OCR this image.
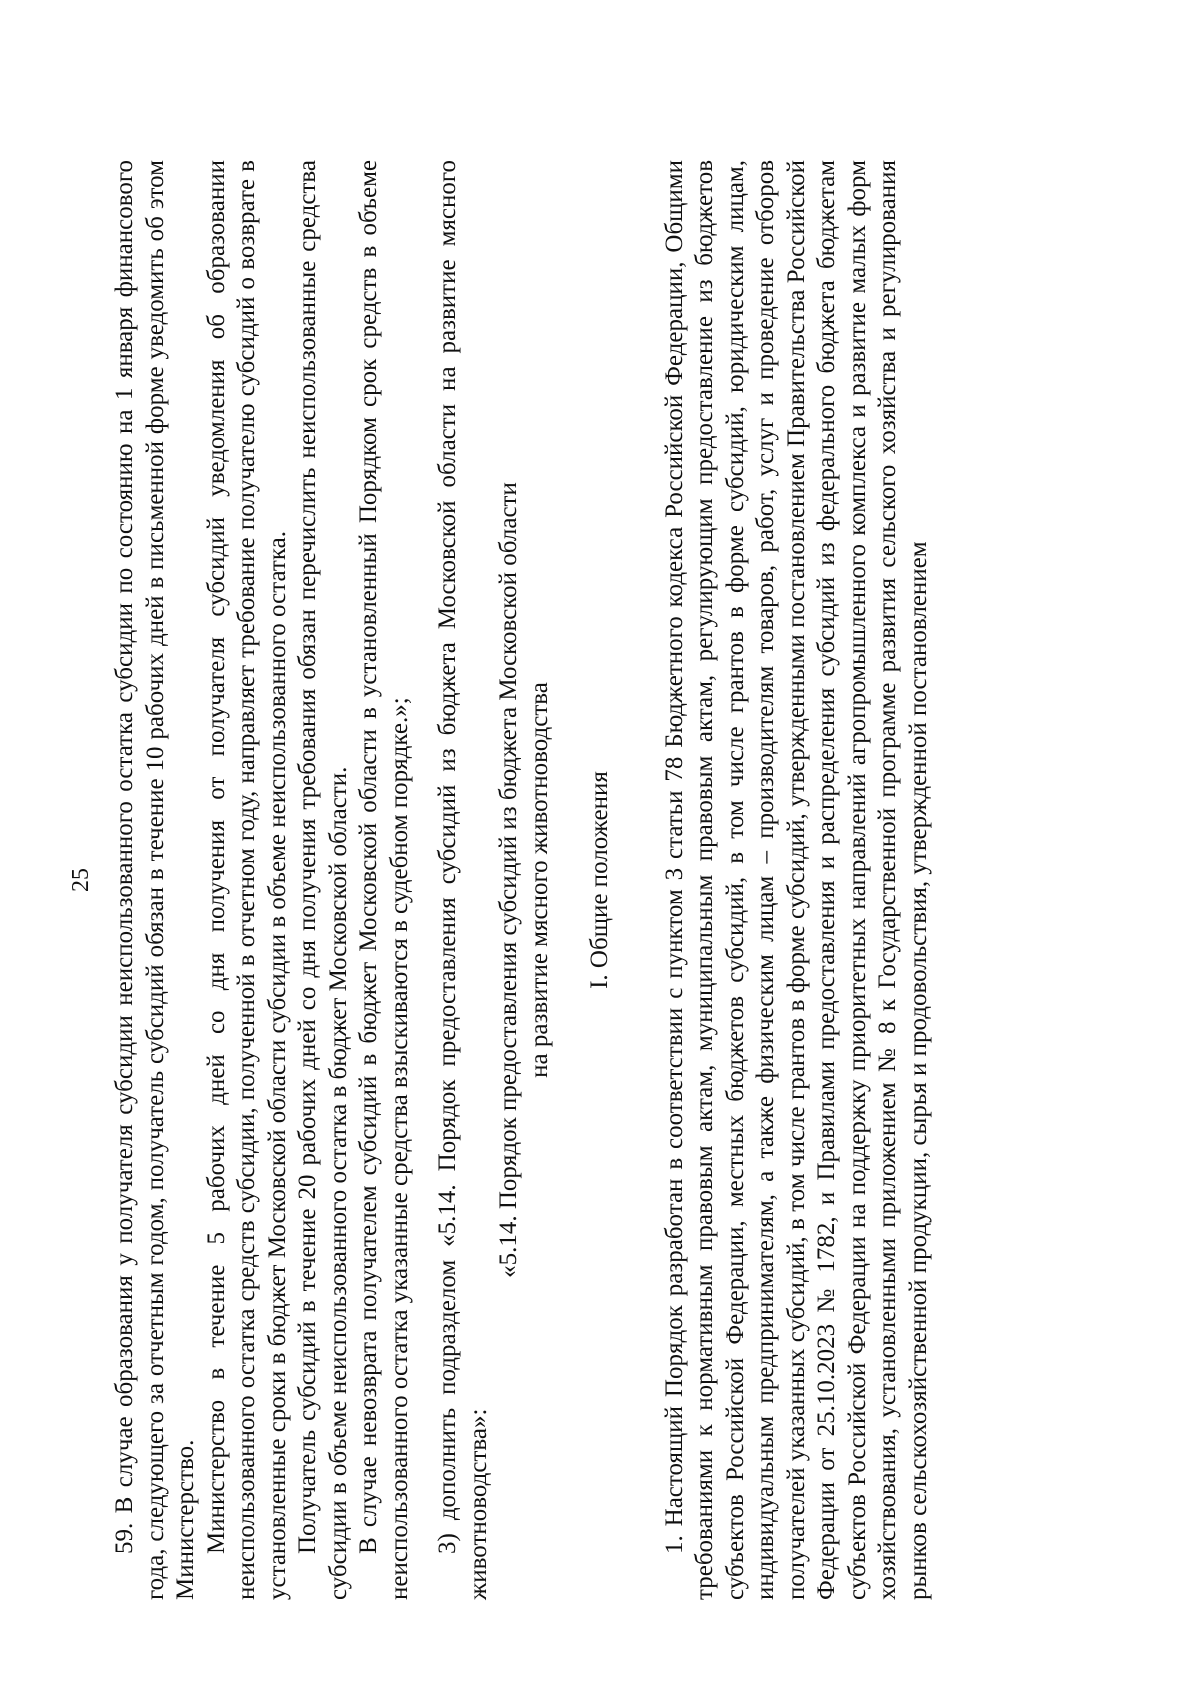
25 59. В случае образования у получателя субсидии неиспользованного остатка субсидии по состоянию на 1 января финансового года, следующего за отчетным годом, получатель субсидий обязан в течение 10 рабочих дней в письменной форме уведомить об этом Министерство. Министерство в течение 5 рабочих дней со дня получения от получателя субсидий уведомления об образовании неиспользованного остатка средств субсидии, полученной в отчетном году, направляет требование получателю субсидий о возврате в установленные сроки в бюджет Московской области субсидии в объеме неиспользованного остатка. Получатель субсидий в течение 20 рабочих дней со дня получения требования обязан перечислить неиспользованные средства субсидии в объеме неиспользованного остатка в бюджет Московской области. В случае невозврата получателем субсидий в бюджет Московской области в установленный Порядком срок средств в объеме неиспользованного остатка указанные средства взыскиваются в судебном порядке.»; 3) дополнить подразделом «5.14. Порядок предоставления субсидий из бюджета Московской области на развитие мясного животноводства»:

«5.14. Порядок предоставления субсидий из бюджета Московской области на развитие мясного животноводства I. Общие положения 1. Настоящий Порядок разработан в соответствии с пунктом 3 статьи 78 Бюджетного кодекса Российской Федерации, Общими требованиями к нормативным правовым актам, муниципальным правовым актам, регулирующим предоставление из бюджетов субъектов Российской Федерации, местных бюджетов субсидий, в том числе грантов в форме субсидий, юридическим лицам, индивидуальным предпринимателям, а также физическим лицам – производителям товаров, работ, услуг и проведение отборов получателей указанных субсидий, в том числе грантов в форме субсидий, утвержденными постановлением Правительства Российской Федерации от 25.10.2023 № 1782, и Правилами предоставления и распределения субсидий из федерального бюджета бюджетам субъектов Российской Федерации на поддержку приоритетных направлений агропромышленного комплекса и развитие малых форм хозяйствования, установленными приложением № 8 к Государственной программе развития сельского хозяйства и регулирования рынков сельскохозяйственной продукции, сырья и продовольствия, утвержденной постановлением
